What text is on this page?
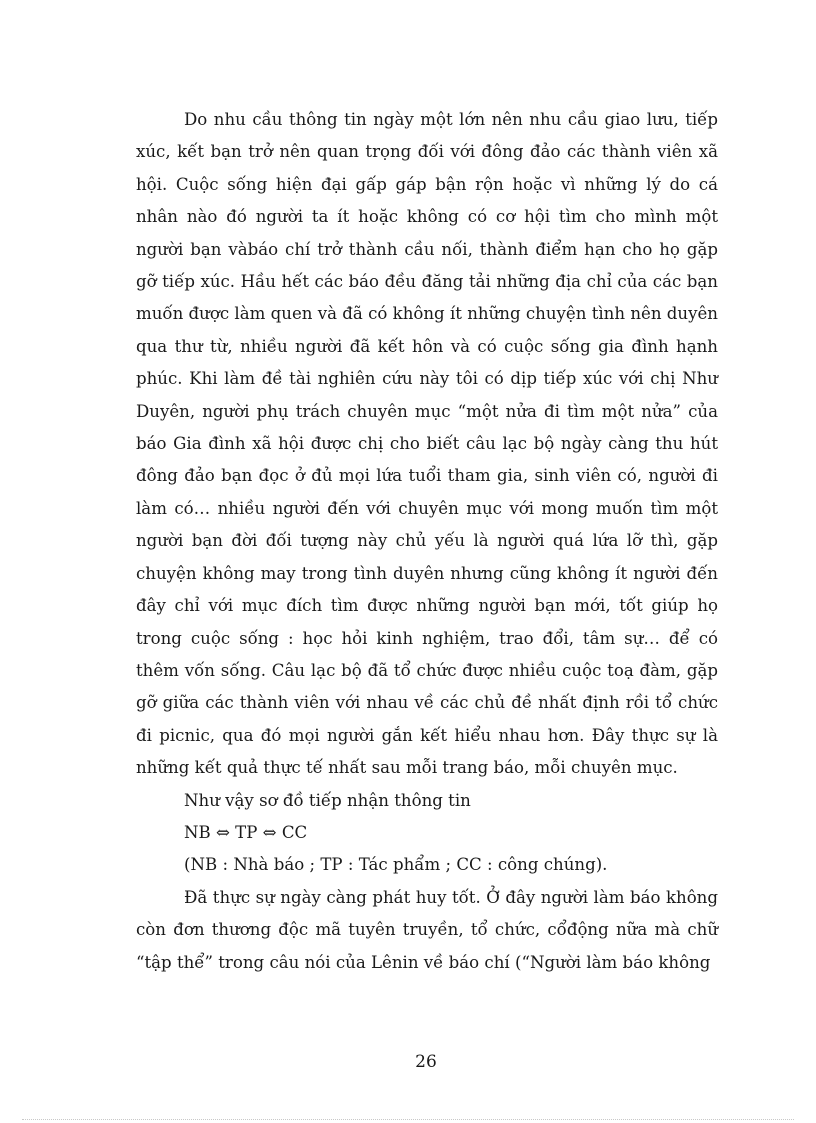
Do nhu cầu thông tin ngày một lớn nên nhu cầu giao lưu, tiếp xúc, kết bạn trở nên quan trọng đối với đông đảo các thành viên xã hội. Cuộc sống hiện đại gấp gáp bận rộn hoặc vì những lý do cá nhân nào đó người ta ít hoặc không có cơ hội tìm cho mình một người bạn vàbáo chí trở thành cầu nối, thành điểm hạn cho họ gặp gỡ tiếp xúc. Hầu hết các báo đều đăng tải những địa chỉ của các bạn muốn được làm quen và đã có không ít những chuyện tình nên duyên qua thư từ, nhiều người đã kết hôn và có cuộc sống gia đình hạnh phúc. Khi làm đề tài nghiên cứu này tôi có dịp tiếp xúc với chị Như Duyên, người phụ trách chuyên mục “một nửa đi tìm một nửa” của báo Gia đình xã hội được chị cho biết câu lạc bộ ngày càng thu hút đông đảo bạn đọc ở đủ mọi lứa tuổi tham gia, sinh viên có, người đi làm có… nhiều người đến với chuyên mục với mong muốn tìm một người bạn đời đối tượng này chủ yếu là người quá lứa lỡ thì, gặp chuyện không may trong tình duyên nhưng cũng không ít người đến đây chỉ với mục đích tìm được những người bạn mới, tốt giúp họ trong cuộc sống : học hỏi kinh nghiệm, trao đổi, tâm sự… để có thêm vốn sống. Câu lạc bộ đã tổ chức được nhiều cuộc toạ đàm, gặp gỡ giữa các thành viên với nhau về các chủ đề nhất định rồi tổ chức đi picnic, qua đó mọi người gắn kết hiểu nhau hơn. Đây thực sự là những kết quả thực tế nhất sau mỗi trang báo, mỗi chuyên mục.

Như vậy sơ đồ tiếp nhận thông tin

NB ⇔ TP ⇔ CC

(NB : Nhà báo ; TP : Tác phẩm ; CC : công chúng).

Đã thực sự ngày càng phát huy tốt. Ở đây người làm báo không còn đơn thương độc mã tuyên truyền, tổ chức, cổđộng nữa mà chữ “tập thể” trong câu nói của Lênin về báo chí (“Người làm báo không

26
